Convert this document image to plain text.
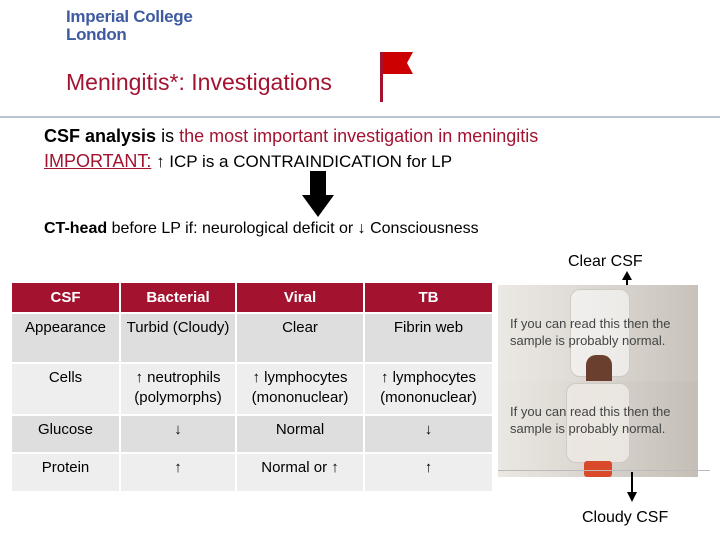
Imperial College
London
Meningitis*: Investigations
CSF analysis is the most important investigation in meningitis
IMPORTANT: ↑ ICP is a CONTRAINDICATION for LP
CT-head before LP if: neurological deficit or ↓ Consciousness
Clear CSF
CSF	Bacterial	Viral	TB
Appearance	Turbid (Cloudy)	Clear	Fibrin web
Cells	↑ neutrophils (polymorphs)	↑ lymphocytes (mononuclear)	↑ lymphocytes (mononuclear)
Glucose	↓	Normal	↓
Protein	↑	Normal or ↑	↑
If you can read this then the
sample is probably normal.
If you can read this then the
sample is probably normal.
Cloudy CSF
